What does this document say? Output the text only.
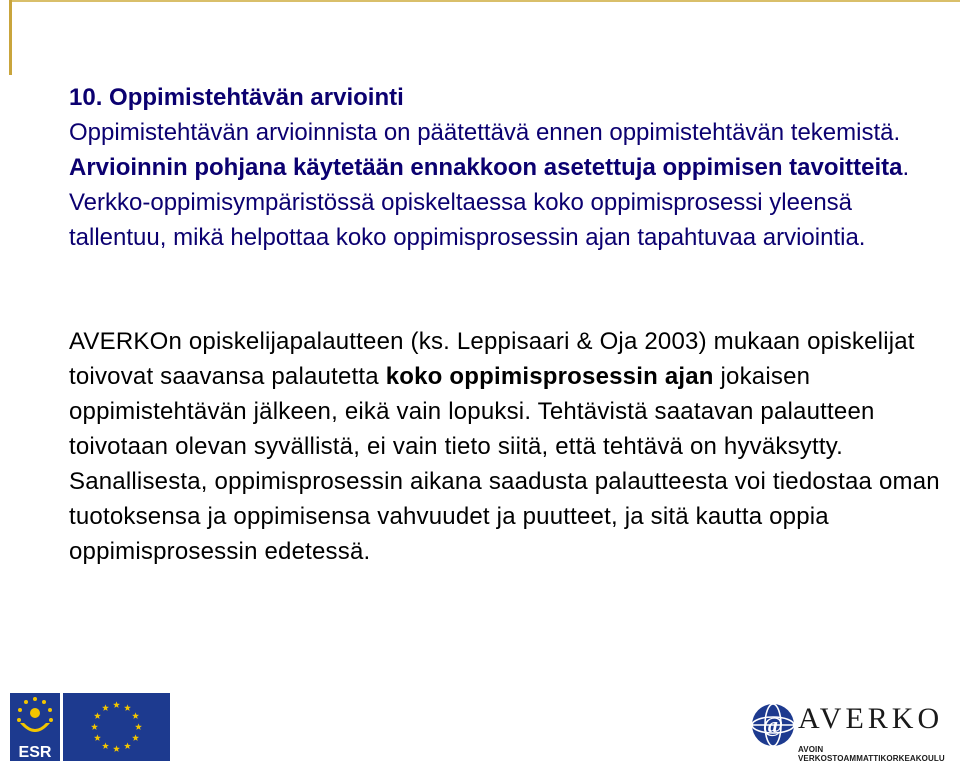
10. Oppimistehtävän arviointi
Oppimistehtävän arvioinnista on päätettävä ennen oppimistehtävän tekemistä. Arvioinnin pohjana käytetään ennakkoon asetettuja oppimisen tavoitteita. Verkko-oppimisympäristössä opiskeltaessa koko oppimisprosessi yleensä tallentuu, mikä helpottaa koko oppimisprosessin ajan tapahtuvaa arviointia.
AVERKOn opiskelijapalautteen (ks. Leppisaari & Oja 2003) mukaan opiskelijat toivovat saavansa palautetta koko oppimisprosessin ajan jokaisen oppimistehtävän jälkeen, eikä vain lopuksi. Tehtävistä saatavan palautteen toivotaan olevan syvällistä, ei vain tieto siitä, että tehtävä on hyväksytty. Sanallisesta, oppimisprosessin aikana saadusta palautteesta voi tiedostaa oman tuotoksensa ja oppimisensa vahvuudet ja puutteet, ja sitä kautta oppia oppimisprosessin edetessä.
ESR
@ AVERKO
AVOIN VERKOSTOAMMATTIKORKEAKOULU
